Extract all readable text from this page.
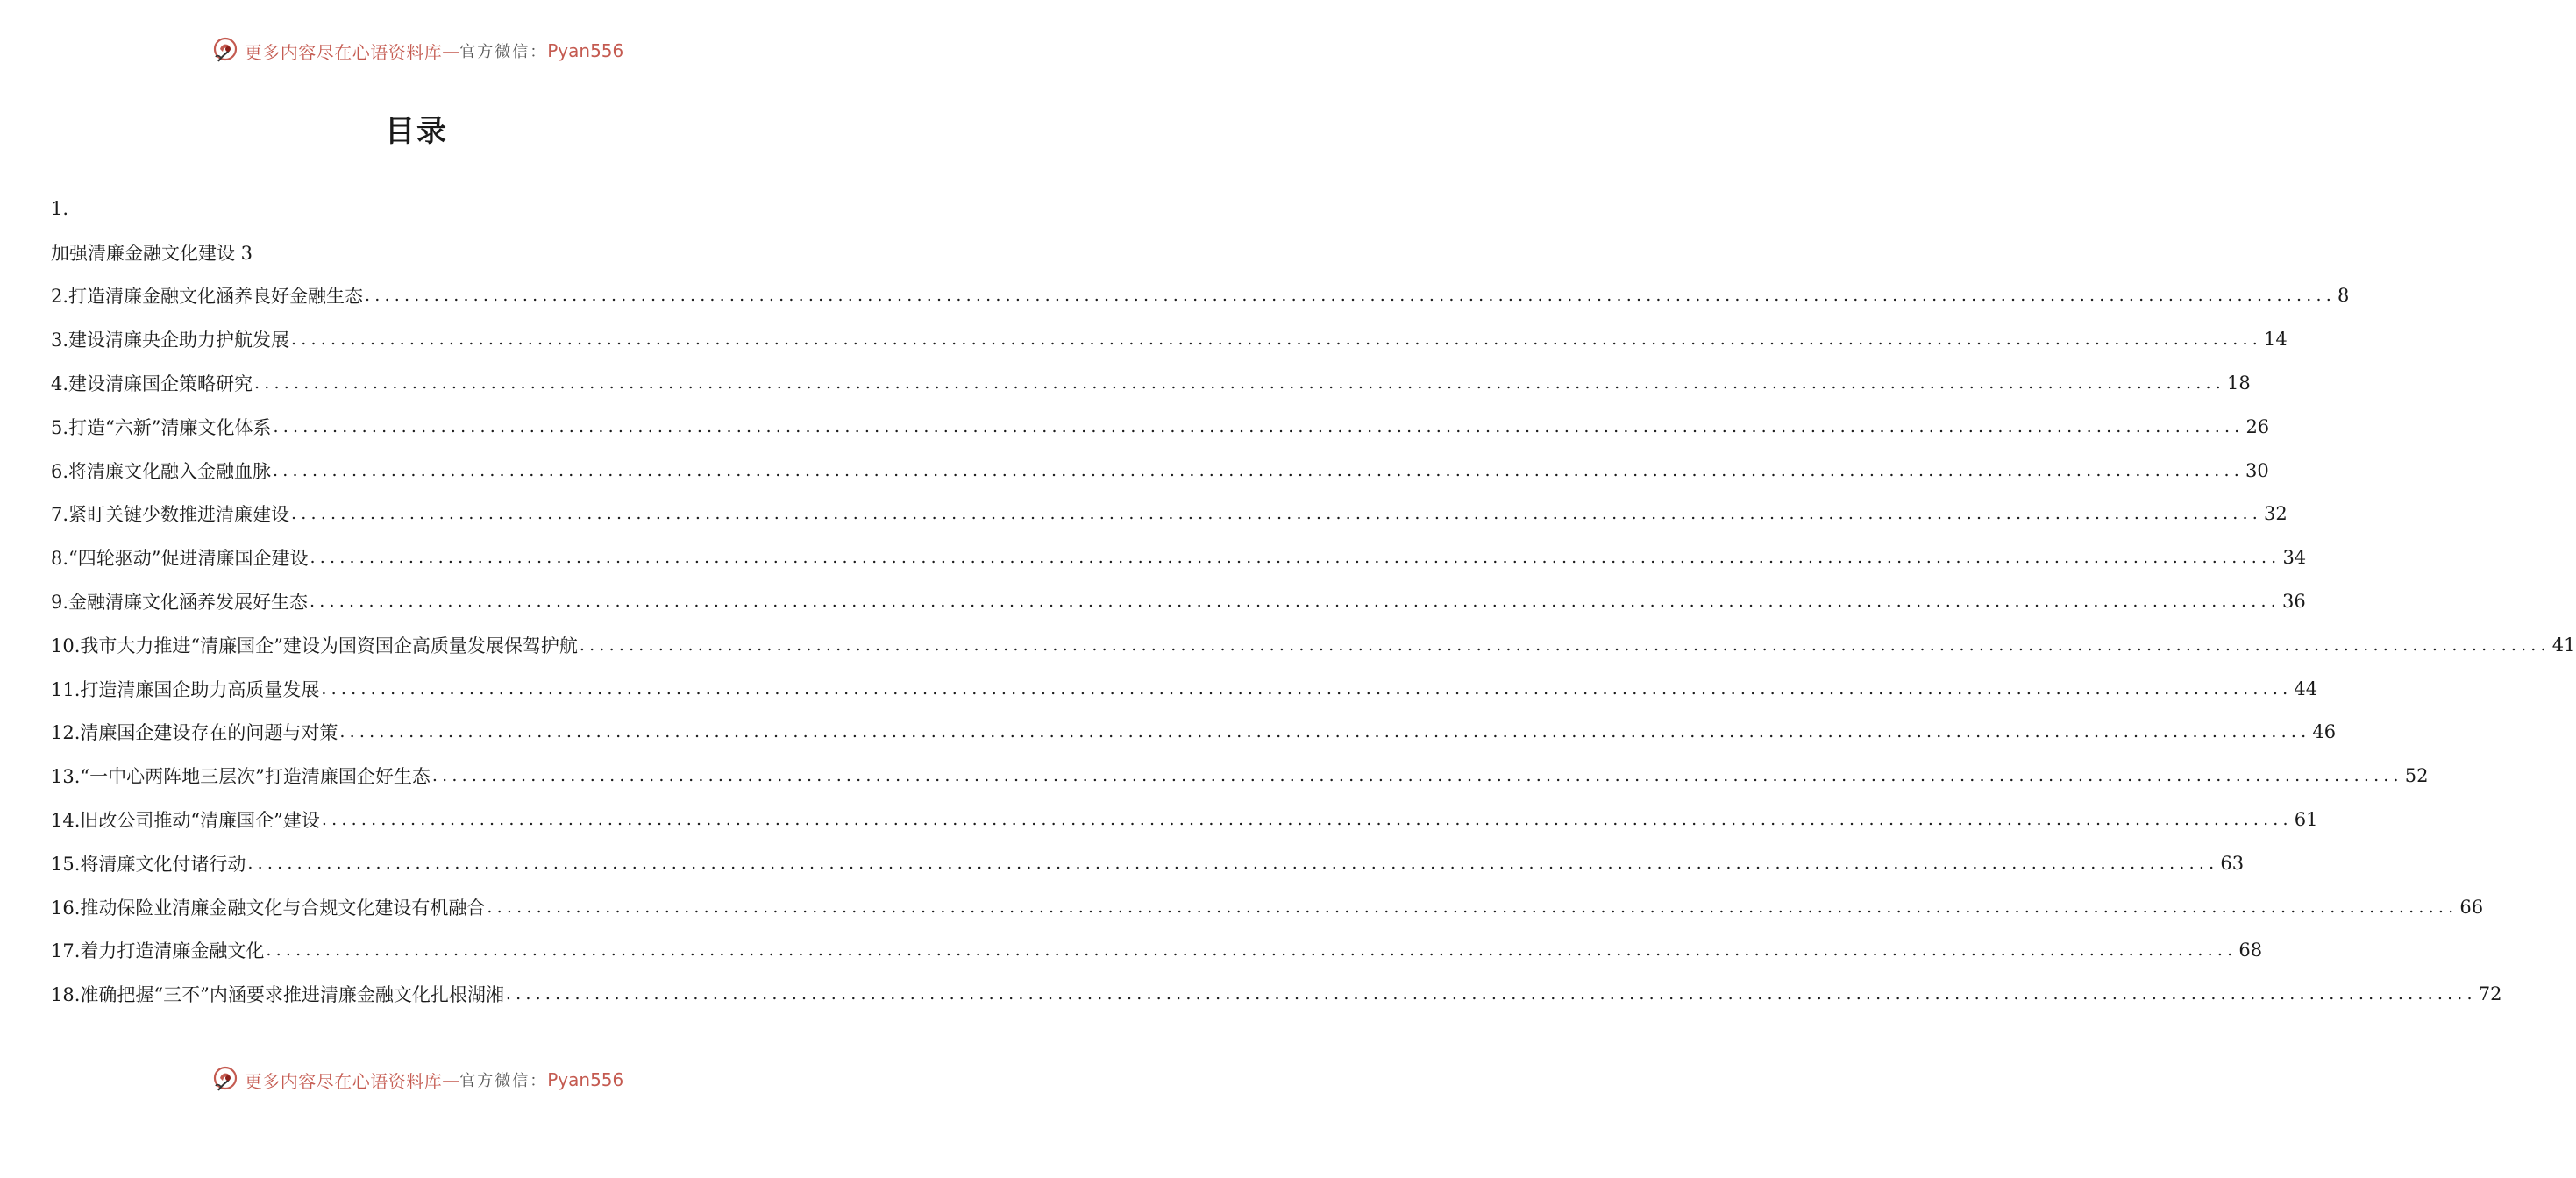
更多内容尽在心语资料库 — 官方微信： Pyan556
目录
1.
加强清廉金融文化建设 3
2.打造清廉金融文化涵养良好金融生态 ........................................................................................................................................................................................................ 8
3.建设清廉央企助力护航发展 ........................................................................................................................................................................................................ 14
4.建设清廉国企策略研究 ........................................................................................................................................................................................................ 18
5.打造“六新”清廉文化体系 ........................................................................................................................................................................................................ 26
6.将清廉文化融入金融血脉 ........................................................................................................................................................................................................ 30
7.紧盯关键少数推进清廉建设 ........................................................................................................................................................................................................ 32
8.“四轮驱动”促进清廉国企建设 ........................................................................................................................................................................................................ 34
9.金融清廉文化涵养发展好生态 ........................................................................................................................................................................................................ 36
10.我市大力推进“清廉国企”建设为国资国企高质量发展保驾护航 ........................................................................................................................................................................................................ 41
11.打造清廉国企助力高质量发展 ........................................................................................................................................................................................................ 44
12.清廉国企建设存在的问题与对策 ........................................................................................................................................................................................................ 46
13.“一中心两阵地三层次”打造清廉国企好生态 ........................................................................................................................................................................................................ 52
14.旧改公司推动“清廉国企”建设 ........................................................................................................................................................................................................ 61
15.将清廉文化付诸行动 ........................................................................................................................................................................................................ 63
16.推动保险业清廉金融文化与合规文化建设有机融合 ........................................................................................................................................................................................................ 66
17.着力打造清廉金融文化 ........................................................................................................................................................................................................ 68
18.准确把握“三不”内涵要求推进清廉金融文化扎根湖湘 ........................................................................................................................................................................................................ 72
更多内容尽在心语资料库 — 官方微信： Pyan556
